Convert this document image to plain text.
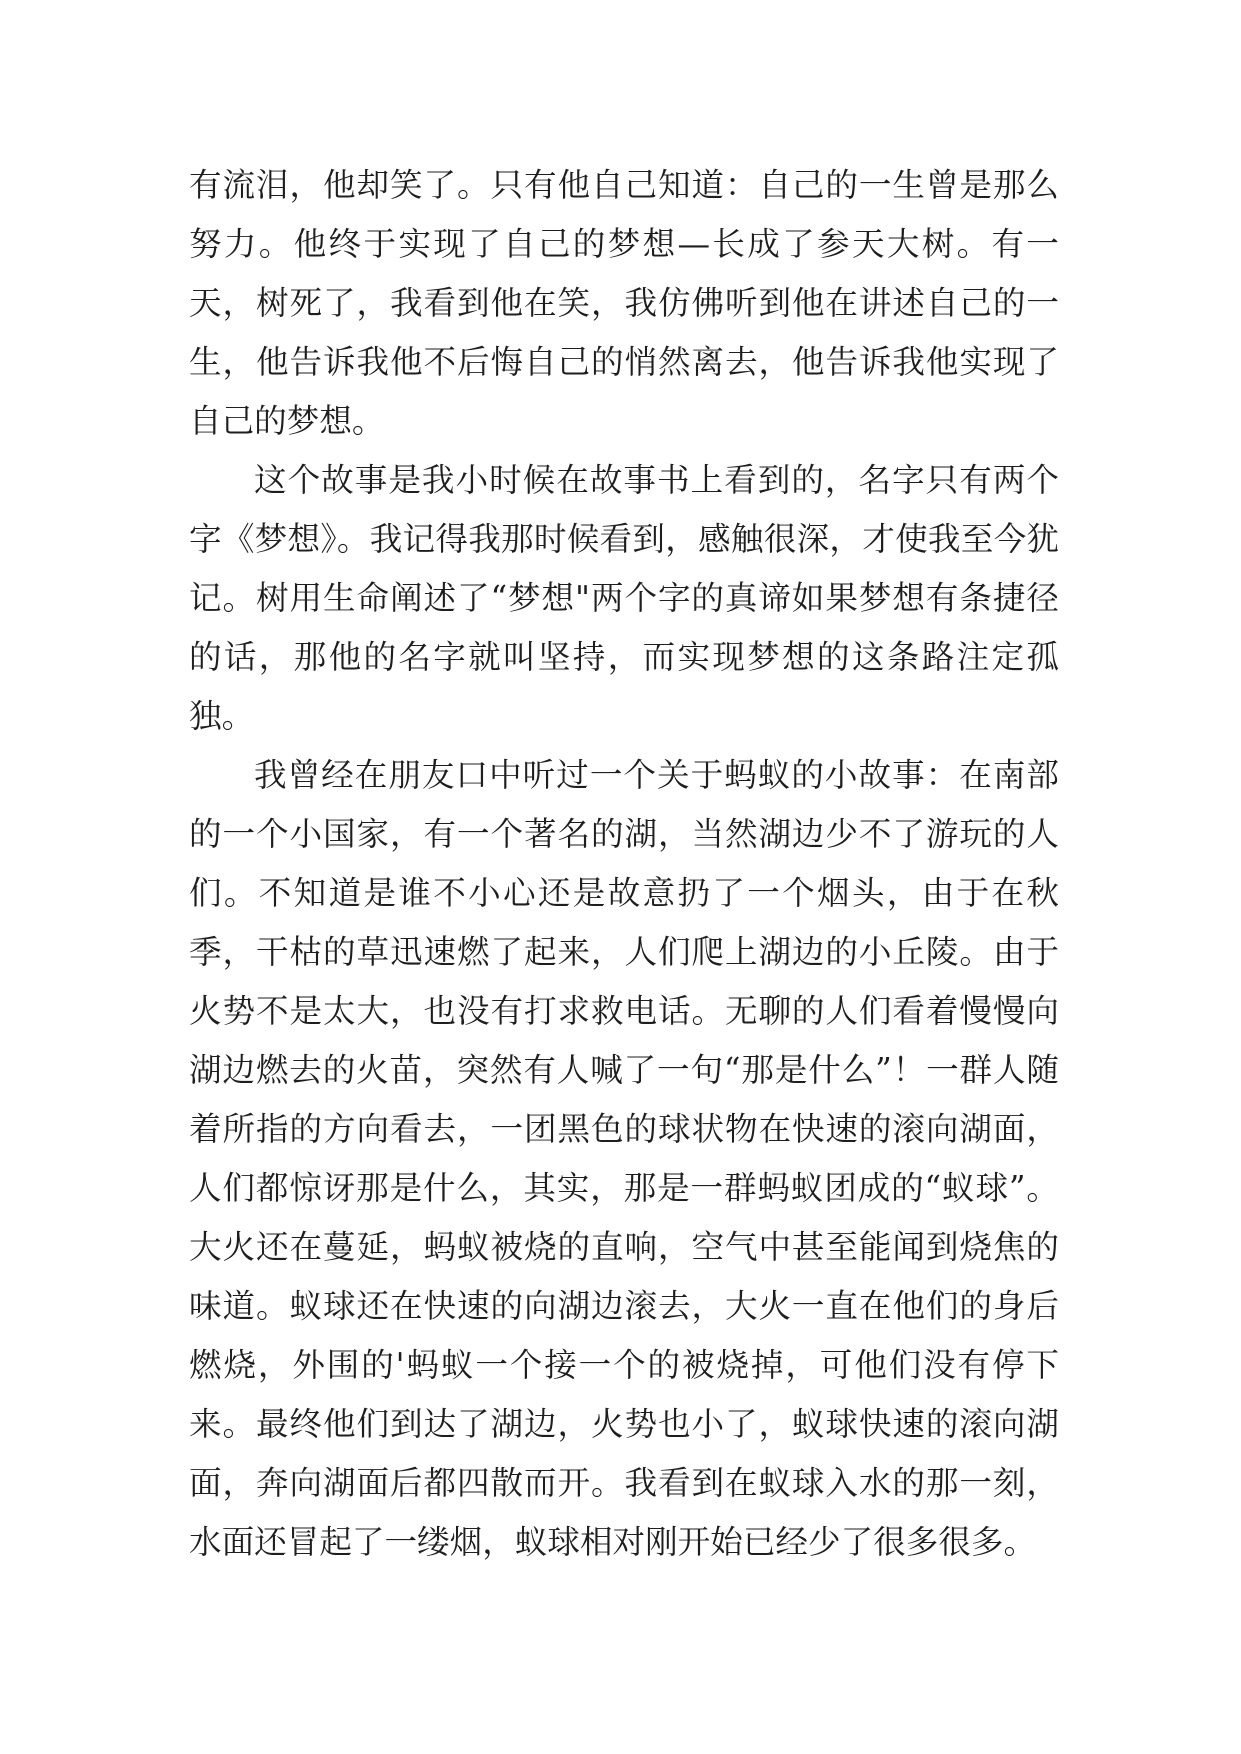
有流泪，他却笑了。只有他自己知道：自己的一生曾是那么努力。他终于实现了自己的梦想—长成了参天大树。有一天，树死了，我看到他在笑，我仿佛听到他在讲述自己的一生，他告诉我他不后悔自己的悄然离去，他告诉我他实现了自己的梦想。

这个故事是我小时候在故事书上看到的，名字只有两个字《梦想》。我记得我那时候看到，感触很深，才使我至今犹记。树用生命阐述了“梦想"两个字的真谛如果梦想有条捷径的话，那他的名字就叫坚持，而实现梦想的这条路注定孤独。

我曾经在朋友口中听过一个关于蚂蚁的小故事：在南部的一个小国家，有一个著名的湖，当然湖边少不了游玩的人们。不知道是谁不小心还是故意扔了一个烟头，由于在秋季，干枯的草迅速燃了起来，人们爬上湖边的小丘陵。由于火势不是太大，也没有打求救电话。无聊的人们看着慢慢向湖边燃去的火苗，突然有人喊了一句“那是什么”！一群人随着所指的方向看去，一团黑色的球状物在快速的滚向湖面，人们都惊讶那是什么，其实，那是一群蚂蚁团成的“蚁球”。大火还在蔓延，蚂蚁被烧的直响，空气中甚至能闻到烧焦的味道。蚁球还在快速的向湖边滚去，大火一直在他们的身后燃烧，外围的'蚂蚁一个接一个的被烧掉，可他们没有停下来。最终他们到达了湖边，火势也小了，蚁球快速的滚向湖面，奔向湖面后都四散而开。我看到在蚁球入水的那一刻，水面还冒起了一缕烟，蚁球相对刚开始已经少了很多很多。
